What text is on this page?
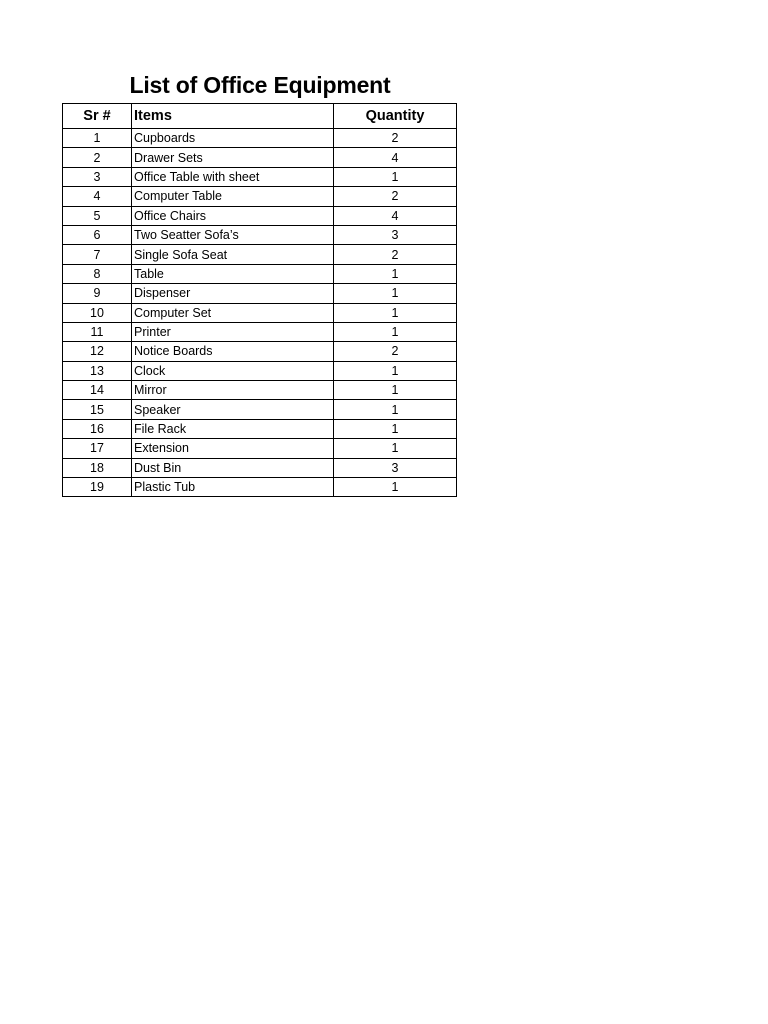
List of Office Equipment
Sr #	Items	Quantity
1	Cupboards	2
2	Drawer Sets	4
3	Office Table with sheet	1
4	Computer Table	2
5	Office Chairs	4
6	Two Seatter Sofa’s	3
7	Single Sofa Seat	2
8	Table	1
9	Dispenser	1
10	Computer Set	1
11	Printer	1
12	Notice Boards	2
13	Clock	1
14	Mirror	1
15	Speaker	1
16	File Rack	1
17	Extension	1
18	Dust Bin	3
19	Plastic Tub	1
